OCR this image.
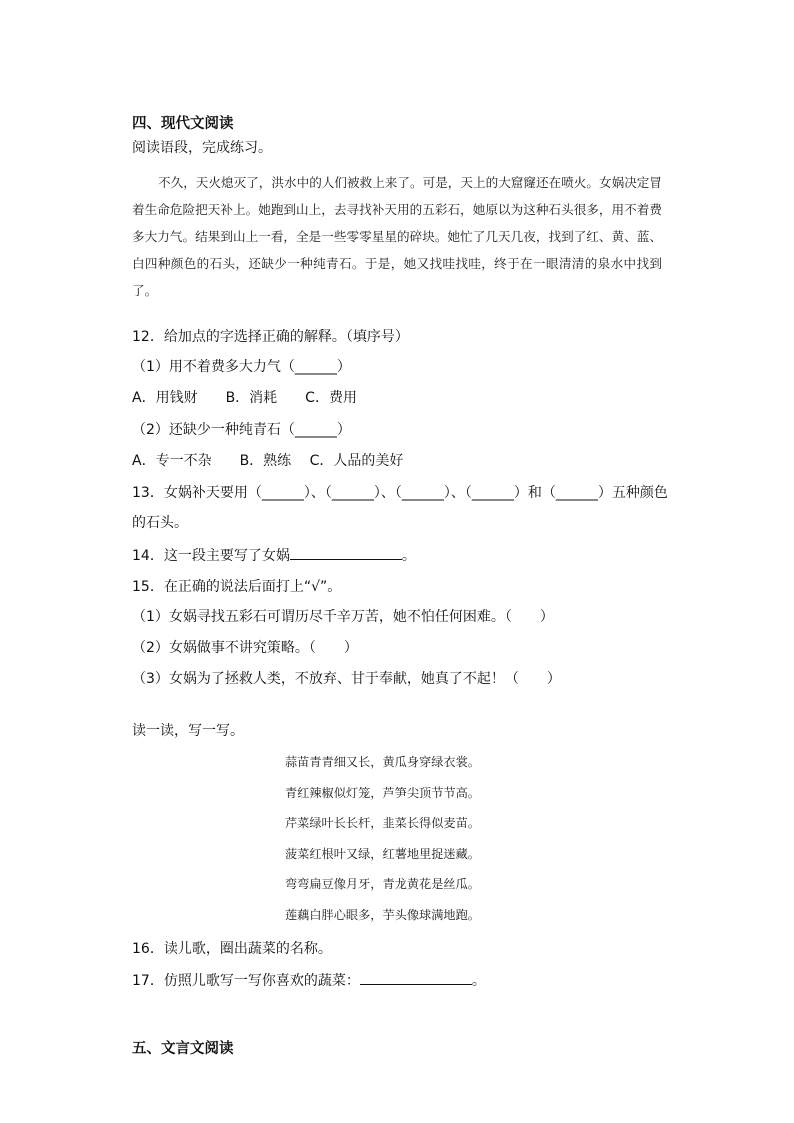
四、现代文阅读
阅读语段，完成练习。

不久，天火熄灭了，洪水中的人们被救上来了。可是，天上的大窟窿还在喷火。女娲决定冒着生命危险把天补上。她跑到山上，去寻找补天用的五彩石，她原以为这种石头很多，用不着费多大力气。结果到山上一看，全是一些零零星星的碎块。她忙了几天几夜，找到了红、黄、蓝、白四种颜色的石头，还缺少一种纯青石。于是，她又找哇找哇，终于在一眼清清的泉水中找到了。

12．给加点的字选择正确的解释。（填序号）
（1）用不着费多大力气（______）
A．用钱财　　B．消耗　　C．费用
（2）还缺少一种纯青石（______）
A．专一不杂　　B．熟练　 C．人品的美好
13．女娲补天要用（______）、（______）、（______）、（______）和（______）五种颜色
的石头。
14．这一段主要写了女娲	。
15．在正确的说法后面打上“√”。
（1）女娲寻找五彩石可谓历尽千辛万苦，她不怕任何困难。（　　）
（2）女娲做事不讲究策略。（　　）
（3）女娲为了拯救人类，不放弃、甘于奉献，她真了不起！（　　）
读一读，写一写。
蒜苗青青细又长，黄瓜身穿绿衣裳。
青红辣椒似灯笼，芦笋尖顶节节高。
芹菜绿叶长长杆，韭菜长得似麦苗。
菠菜红根叶又绿，红薯地里捉迷藏。
弯弯扁豆像月牙，青龙黄花是丝瓜。
莲藕白胖心眼多，芋头像球满地跑。
16．读儿歌，圈出蔬菜的名称。
17．仿照儿歌写一写你喜欢的蔬菜：	。
五、文言文阅读
